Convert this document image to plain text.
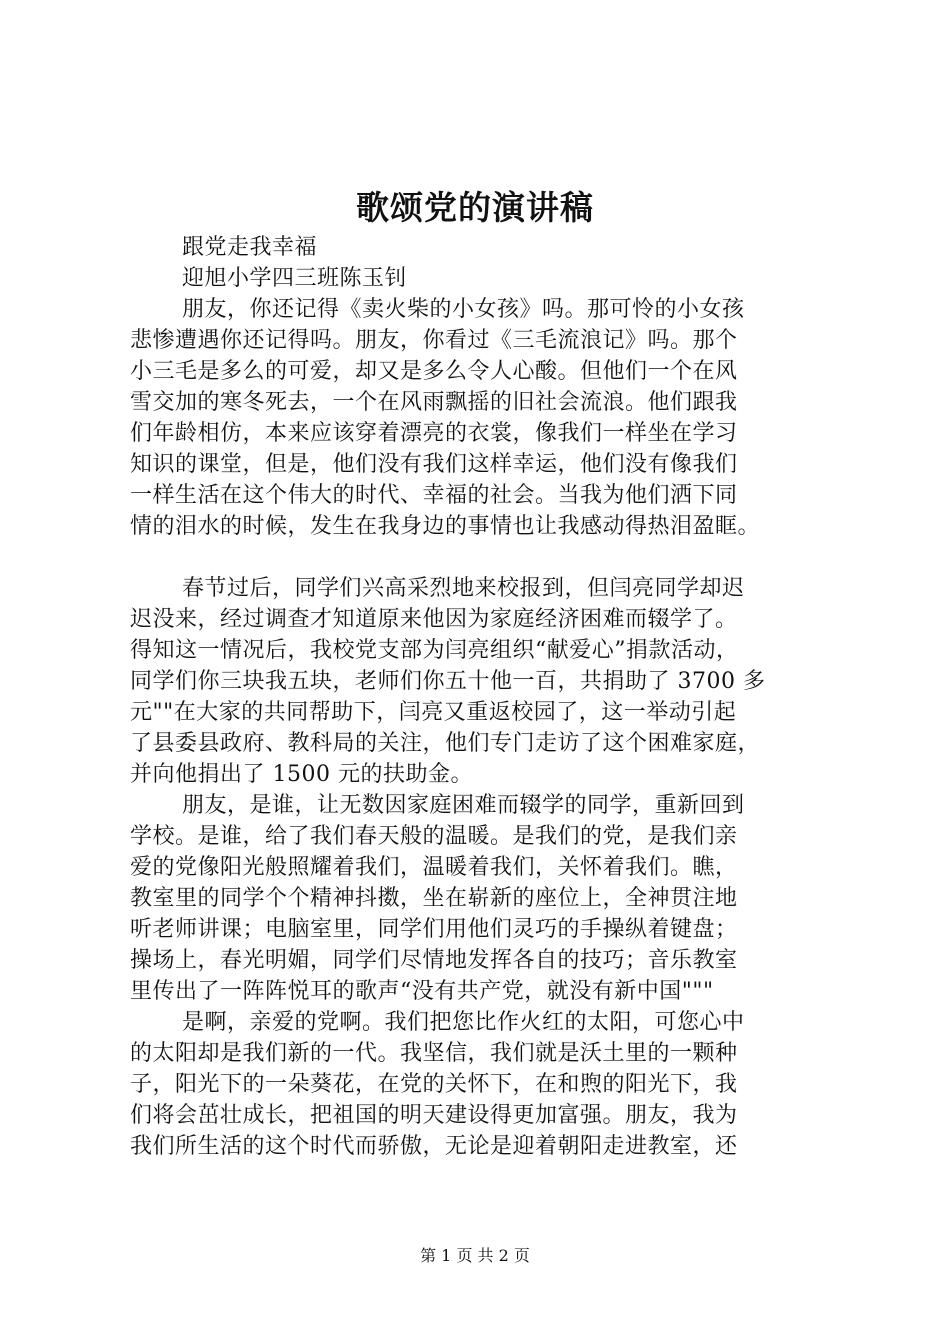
歌颂党的演讲稿
跟党走我幸福
迎旭小学四三班陈玉钊
朋友，你还记得《卖火柴的小女孩》吗。那可怜的小女孩
悲惨遭遇你还记得吗。朋友，你看过《三毛流浪记》吗。那个
小三毛是多么的可爱，却又是多么令人心酸。但他们一个在风
雪交加的寒冬死去，一个在风雨飘摇的旧社会流浪。他们跟我
们年龄相仿，本来应该穿着漂亮的衣裳，像我们一样坐在学习
知识的课堂，但是，他们没有我们这样幸运，他们没有像我们
一样生活在这个伟大的时代、幸福的社会。当我为他们洒下同
情的泪水的时候，发生在我身边的事情也让我感动得热泪盈眶。
春节过后，同学们兴高采烈地来校报到，但闫亮同学却迟
迟没来，经过调查才知道原来他因为家庭经济困难而辍学了。
得知这一情况后，我校党支部为闫亮组织“献爱心”捐款活动，
同学们你三块我五块，老师们你五十他一百，共捐助了 3700 多
元""在大家的共同帮助下，闫亮又重返校园了，这一举动引起
了县委县政府、教科局的关注，他们专门走访了这个困难家庭，
并向他捐出了 1500 元的扶助金。
朋友，是谁，让无数因家庭困难而辍学的同学，重新回到
学校。是谁，给了我们春天般的温暖。是我们的党，是我们亲
爱的党像阳光般照耀着我们，温暖着我们，关怀着我们。瞧，
教室里的同学个个精神抖擞，坐在崭新的座位上，全神贯注地
听老师讲课；电脑室里，同学们用他们灵巧的手操纵着键盘；
操场上，春光明媚，同学们尽情地发挥各自的技巧；音乐教室
里传出了一阵阵悦耳的歌声“没有共产党，就没有新中国"""
是啊，亲爱的党啊。我们把您比作火红的太阳，可您心中
的太阳却是我们新的一代。我坚信，我们就是沃土里的一颗种
子，阳光下的一朵葵花，在党的关怀下，在和煦的阳光下，我
们将会茁壮成长，把祖国的明天建设得更加富强。朋友，我为
我们所生活的这个时代而骄傲，无论是迎着朝阳走进教室，还
第 1 页 共 2 页
